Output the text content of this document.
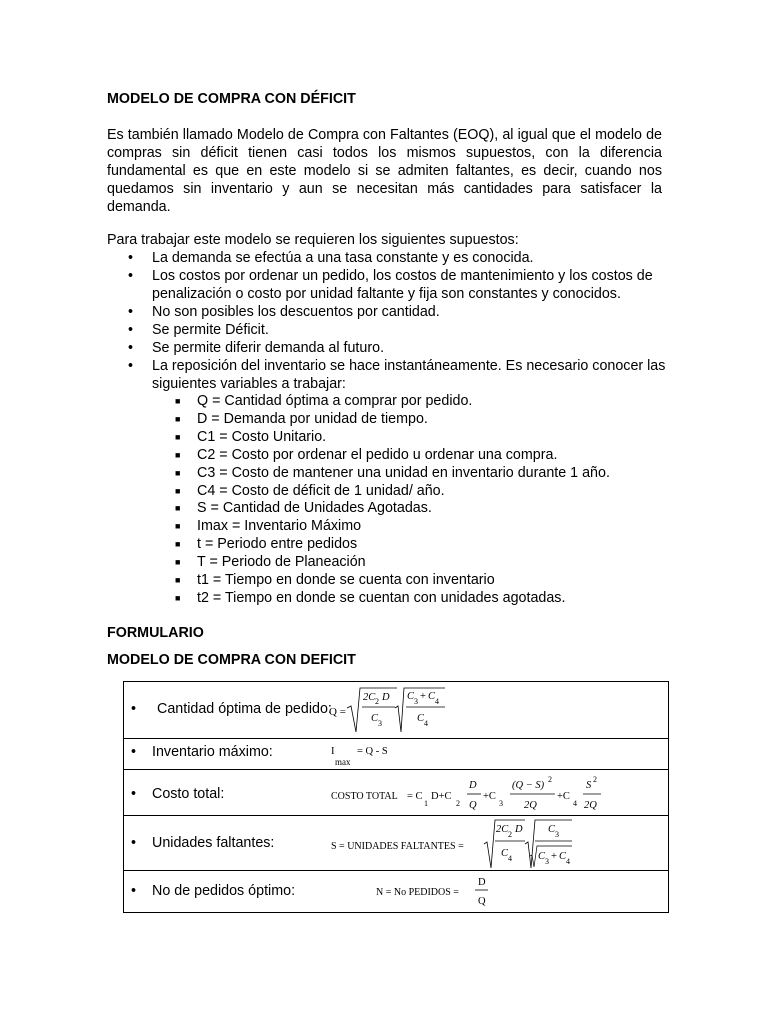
MODELO DE COMPRA CON DÉFICIT
Es también llamado Modelo de Compra con Faltantes (EOQ), al igual que el modelo de compras sin déficit tienen casi todos los mismos supuestos, con la diferencia fundamental es que en este modelo si se admiten faltantes, es decir, cuando nos quedamos sin inventario y aun se necesitan más cantidades para satisfacer la demanda.
Para trabajar este modelo se requieren los siguientes supuestos:
• La demanda se efectúa a una tasa constante y es conocida.
• Los costos por ordenar un pedido, los costos de mantenimiento y los costos de penalización o costo por unidad faltante y fija son constantes y conocidos.
• No son posibles los descuentos por cantidad.
• Se permite Déficit.
• Se permite diferir demanda al futuro.
• La reposición del inventario se hace instantáneamente. Es necesario conocer las siguientes variables a trabajar:
■ Q = Cantidad óptima a comprar por pedido.
■ D = Demanda por unidad de tiempo.
■ C1 = Costo Unitario.
■ C2 = Costo por ordenar el pedido u ordenar una compra.
■ C3 = Costo de mantener una unidad en inventario durante 1 año.
■ C4 = Costo de déficit de 1 unidad/ año.
■ S = Cantidad de Unidades Agotadas.
■ Imax = Inventario Máximo
■ t = Periodo entre pedidos
■ T = Periodo de Planeación
■ t1 = Tiempo en donde se cuenta con inventario
■ t2 = Tiempo en donde se cuentan con unidades agotadas.
FORMULARIO
MODELO DE COMPRA CON DEFICIT
• Cantidad óptima de pedido:
Q =
2C 2 D
C 3
C 3 + C 4
C 4
• Inventario máximo:	I
max
= Q - S
• Costo total:	COSTO TOTAL = C
1
D+C
2
D
Q
+C
3
(Q − S)
2
2Q
+C
4
S
2
2Q
• Unidades faltantes:	S = UNIDADES FALTANTES =
2C 2 D
C 4
C 3
C 3 + C 4
• No de pedidos óptimo:	N = No PEDIDOS =
D
Q
